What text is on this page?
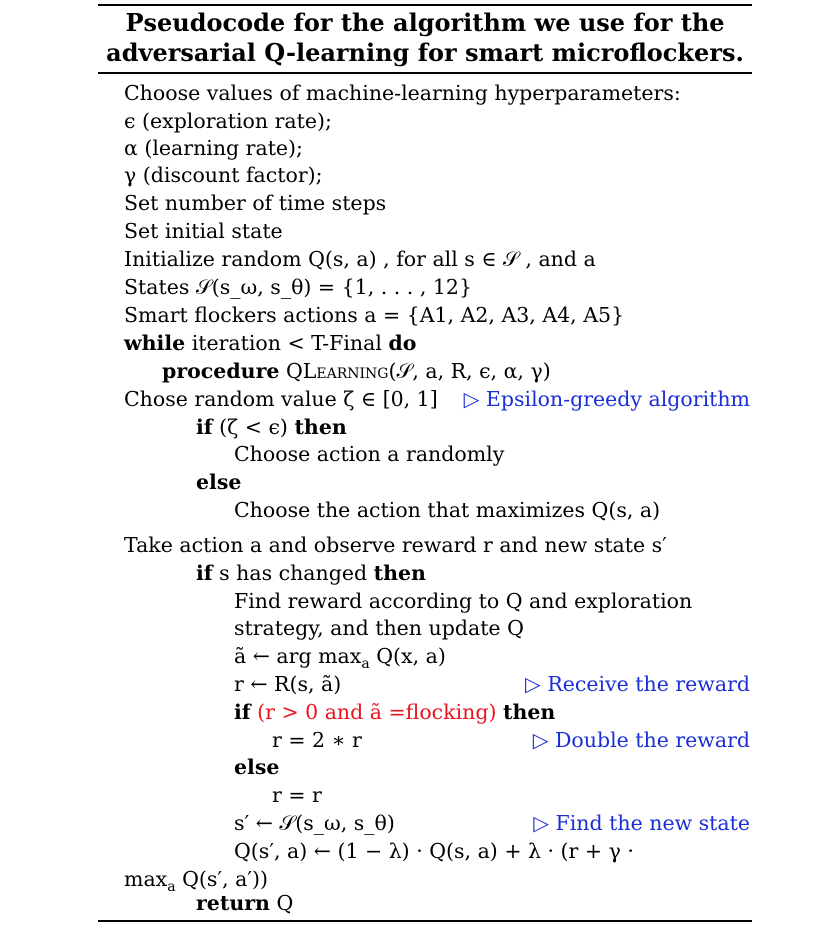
Pseudocode for the algorithm we use for the
adversarial Q-learning for smart microflockers.
Choose values of machine-learning hyperparameters:
ϵ (exploration rate);
α (learning rate);
γ (discount factor);
Set number of time steps
Set initial state
Initialize random Q(s, a) , for all s ∈ 𝒮 , and a
States 𝒮(s_ω, s_θ) = {1, . . . , 12}
Smart flockers actions a = {A1, A2, A3, A4, A5}
while iteration < T-Final do
procedure QLearning(𝒮, a, R, ϵ, α, γ)
Chose random value ζ ∈ [0, 1] ▷ Epsilon-greedy algorithm
if (ζ < ϵ) then
Choose action a randomly
else
Choose the action that maximizes Q(s, a)
Take action a and observe reward r and new state s′
if s has changed then
Find reward according to Q and exploration
strategy, and then update Q
ã ← arg $\max_a Q(x$, a)
r ← R(s, ã)	▷ Receive the reward
if (r > 0 and ã =flocking) then
r = 2 ∗ r	▷ Double the reward
else
r = r
s′ ← 𝒮(s_ω, s_θ)	▷ Find the new state
Q(s′, a) ← (1 − λ) · Q(s, a) + λ · (r + γ ·
$\max_a Q(s'$, a′))
return Q
